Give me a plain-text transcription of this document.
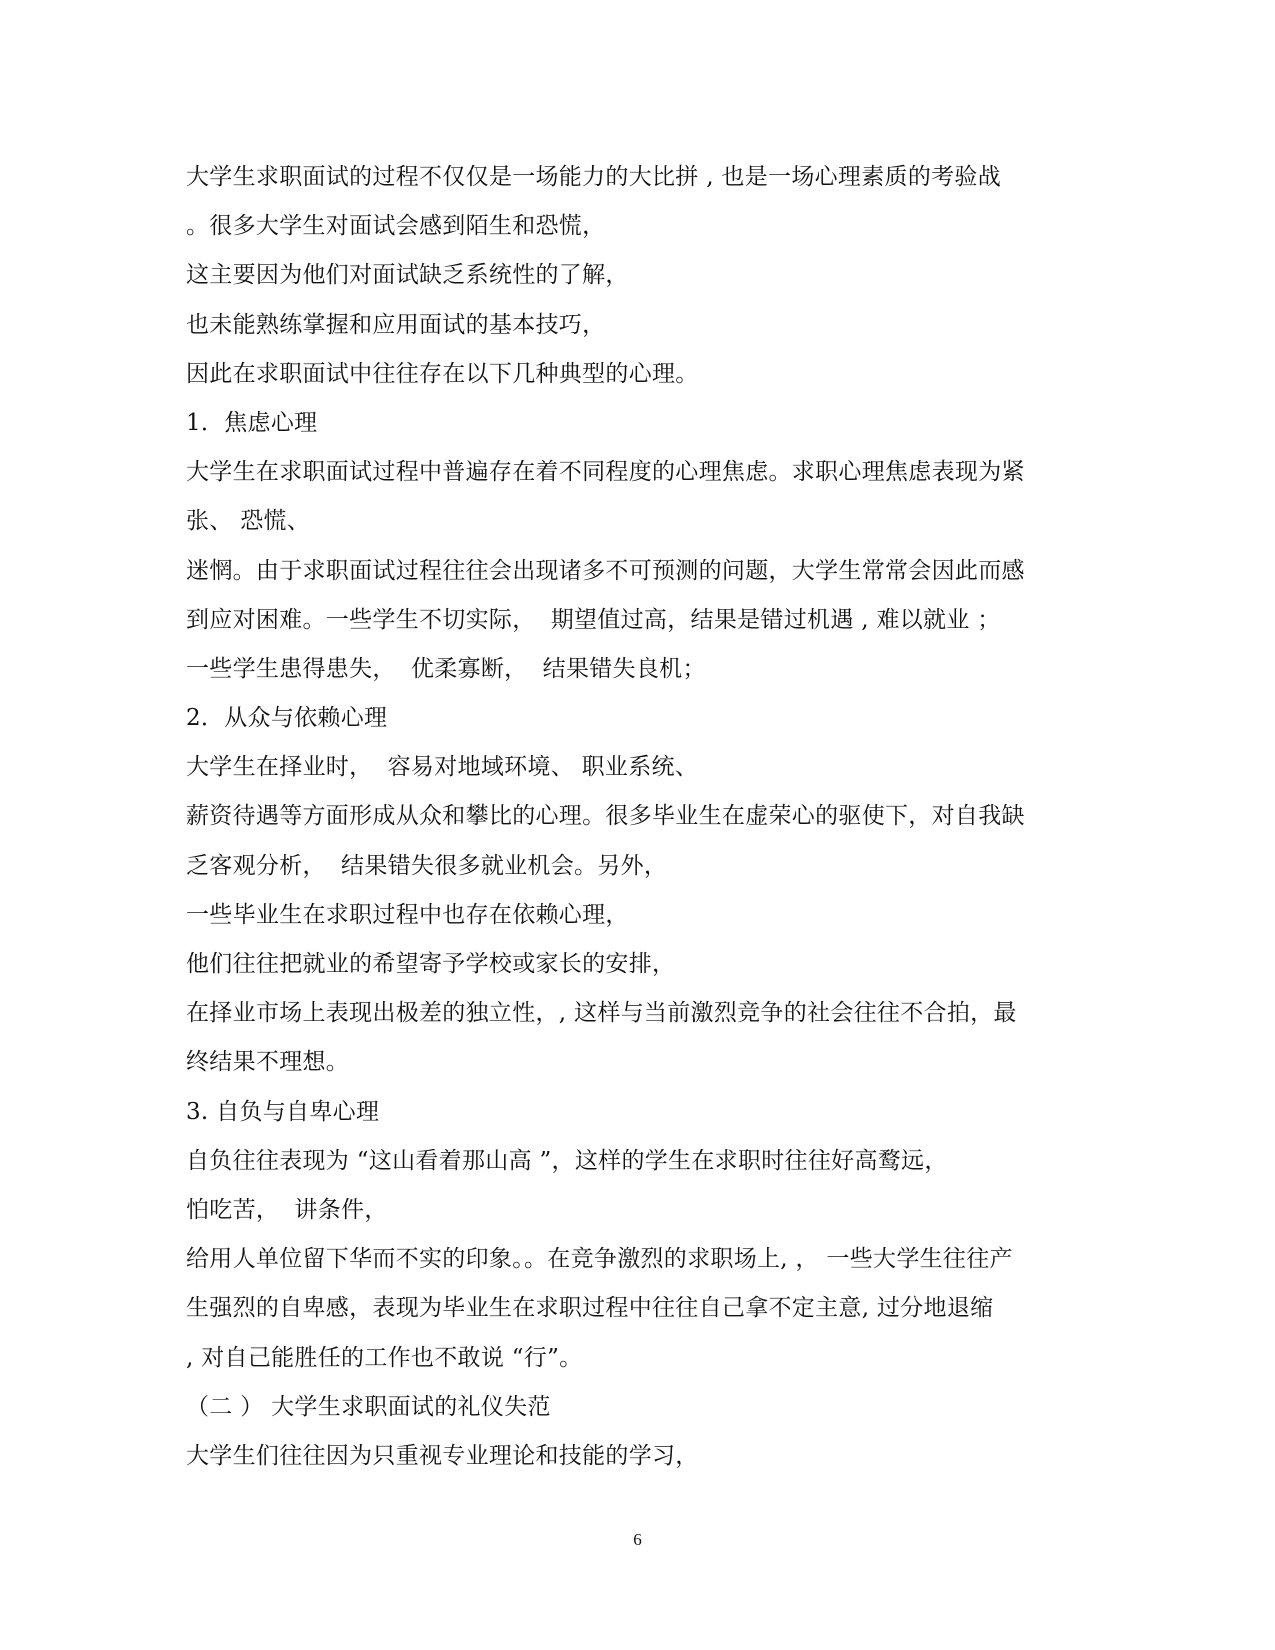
大学生求职面试的过程不仅仅是一场能力的大比拼 , 也是一场心理素质的考验战
。很多大学生对面试会感到陌生和恐慌，
这主要因为他们对面试缺乏系统性的了解，
也未能熟练掌握和应用面试的基本技巧，
因此在求职面试中往往存在以下几种典型的心理。
1．焦虑心理
大学生在求职面试过程中普遍存在着不同程度的心理焦虑。求职心理焦虑表现为紧
张、 恐慌、
迷惘。由于求职面试过程往往会出现诸多不可预测的问题，大学生常常会因此而感
到应对困难。一些学生不切实际，  期望值过高，结果是错过机遇 , 难以就业 ；
一些学生患得患失，  优柔寡断，  结果错失良机；
2．从众与依赖心理
大学生在择业时，  容易对地域环境、 职业系统、
薪资待遇等方面形成从众和攀比的心理。很多毕业生在虚荣心的驱使下，对自我缺
乏客观分析，  结果错失很多就业机会。另外，
一些毕业生在求职过程中也存在依赖心理，
他们往往把就业的希望寄予学校或家长的安排，
在择业市场上表现出极差的独立性，, 这样与当前激烈竞争的社会往往不合拍，最
终结果不理想。
3. 自负与自卑心理
自负往往表现为 “这山看着那山高 ”，这样的学生在求职时往往好高鹜远，
怕吃苦，  讲条件，
给用人单位留下华而不实的印象。。在竞争激烈的求职场上, ， 一些大学生往往产
生强烈的自卑感，表现为毕业生在求职过程中往往自己拿不定主意, 过分地退缩
, 对自己能胜任的工作也不敢说 “行”。
（二 ） 大学生求职面试的礼仪失范
大学生们往往因为只重视专业理论和技能的学习，
6
